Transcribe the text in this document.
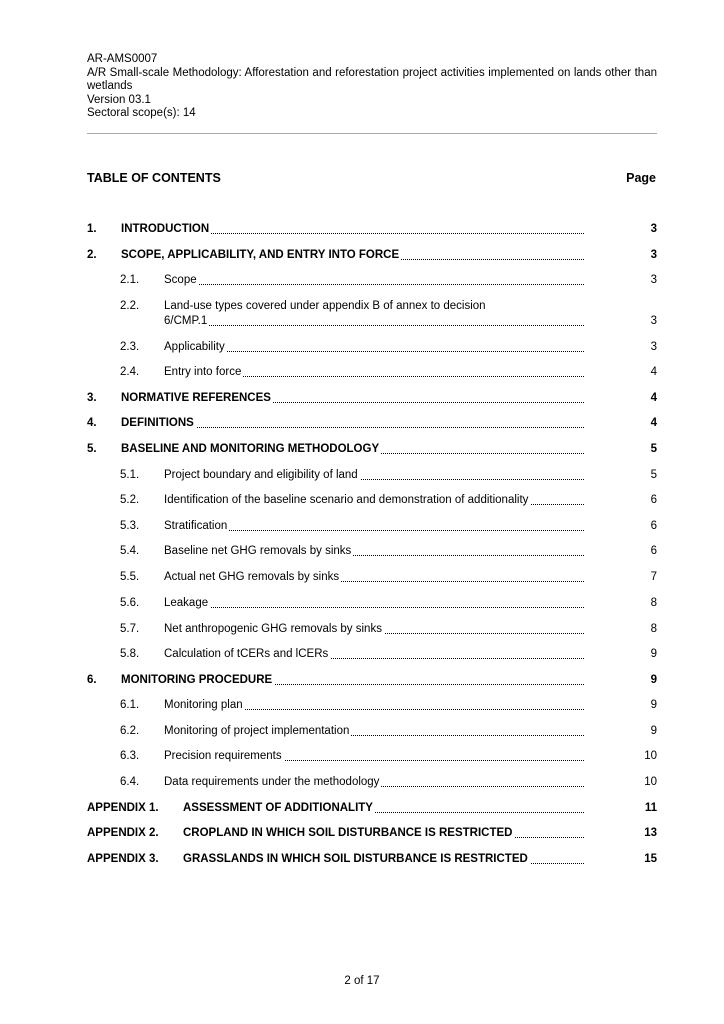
AR-AMS0007
A/R Small-scale Methodology: Afforestation and reforestation project activities implemented on lands other than wetlands
Version 03.1
Sectoral scope(s): 14
TABLE OF CONTENTS	Page
1. INTRODUCTION	3
2. SCOPE, APPLICABILITY, AND ENTRY INTO FORCE	3
2.1. Scope	3
2.2. Land-use types covered under appendix B of annex to decision
6/CMP.1	3
2.3. Applicability	3
2.4. Entry into force	4
3. NORMATIVE REFERENCES	4
4. DEFINITIONS	4
5. BASELINE AND MONITORING METHODOLOGY	5
5.1. Project boundary and eligibility of land	5
5.2. Identification of the baseline scenario and demonstration of additionality	6
5.3. Stratification	6
5.4. Baseline net GHG removals by sinks	6
5.5. Actual net GHG removals by sinks	7
5.6. Leakage	8
5.7. Net anthropogenic GHG removals by sinks	8
5.8. Calculation of tCERs and lCERs	9
6. MONITORING PROCEDURE	9
6.1. Monitoring plan	9
6.2. Monitoring of project implementation	9
6.3. Precision requirements	10
6.4. Data requirements under the methodology	10
APPENDIX 1. ASSESSMENT OF ADDITIONALITY	11
APPENDIX 2. CROPLAND IN WHICH SOIL DISTURBANCE IS RESTRICTED	13
APPENDIX 3. GRASSLANDS IN WHICH SOIL DISTURBANCE IS RESTRICTED	15
2 of 17
